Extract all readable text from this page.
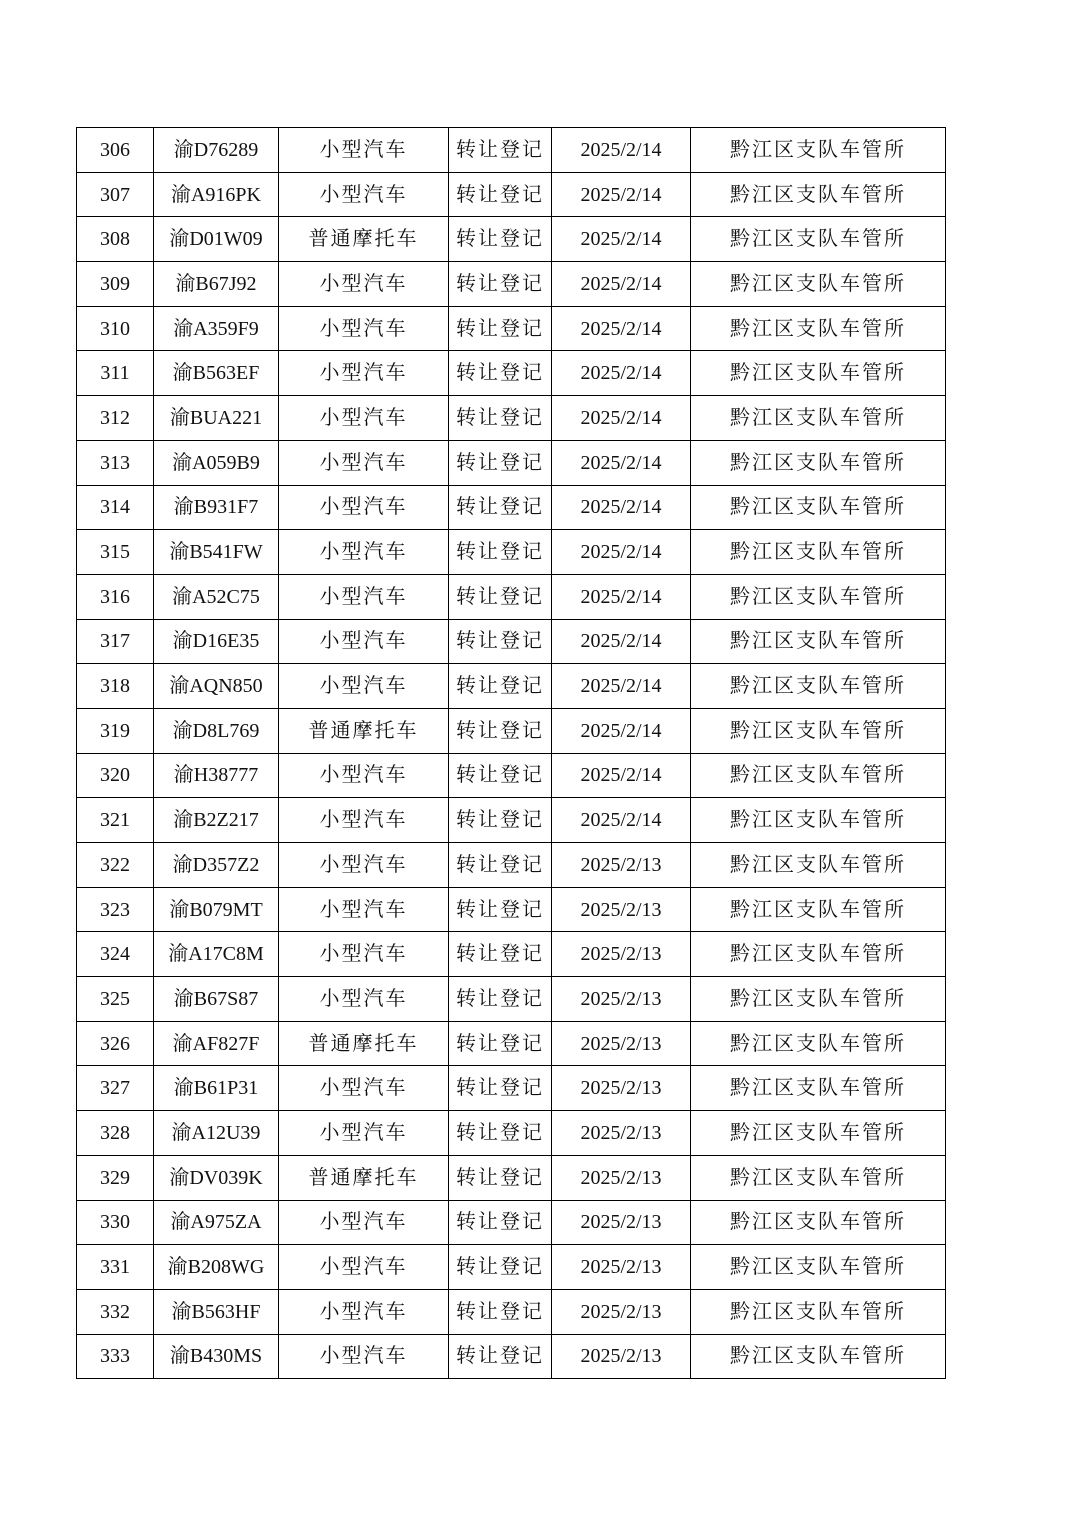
306	渝D76289	小型汽车	转让登记	2025/2/14	黔江区支队车管所
307	渝A916PK	小型汽车	转让登记	2025/2/14	黔江区支队车管所
308	渝D01W09	普通摩托车	转让登记	2025/2/14	黔江区支队车管所
309	渝B67J92	小型汽车	转让登记	2025/2/14	黔江区支队车管所
310	渝A359F9	小型汽车	转让登记	2025/2/14	黔江区支队车管所
311	渝B563EF	小型汽车	转让登记	2025/2/14	黔江区支队车管所
312	渝BUA221	小型汽车	转让登记	2025/2/14	黔江区支队车管所
313	渝A059B9	小型汽车	转让登记	2025/2/14	黔江区支队车管所
314	渝B931F7	小型汽车	转让登记	2025/2/14	黔江区支队车管所
315	渝B541FW	小型汽车	转让登记	2025/2/14	黔江区支队车管所
316	渝A52C75	小型汽车	转让登记	2025/2/14	黔江区支队车管所
317	渝D16E35	小型汽车	转让登记	2025/2/14	黔江区支队车管所
318	渝AQN850	小型汽车	转让登记	2025/2/14	黔江区支队车管所
319	渝D8L769	普通摩托车	转让登记	2025/2/14	黔江区支队车管所
320	渝H38777	小型汽车	转让登记	2025/2/14	黔江区支队车管所
321	渝B2Z217	小型汽车	转让登记	2025/2/14	黔江区支队车管所
322	渝D357Z2	小型汽车	转让登记	2025/2/13	黔江区支队车管所
323	渝B079MT	小型汽车	转让登记	2025/2/13	黔江区支队车管所
324	渝A17C8M	小型汽车	转让登记	2025/2/13	黔江区支队车管所
325	渝B67S87	小型汽车	转让登记	2025/2/13	黔江区支队车管所
326	渝AF827F	普通摩托车	转让登记	2025/2/13	黔江区支队车管所
327	渝B61P31	小型汽车	转让登记	2025/2/13	黔江区支队车管所
328	渝A12U39	小型汽车	转让登记	2025/2/13	黔江区支队车管所
329	渝DV039K	普通摩托车	转让登记	2025/2/13	黔江区支队车管所
330	渝A975ZA	小型汽车	转让登记	2025/2/13	黔江区支队车管所
331	渝B208WG	小型汽车	转让登记	2025/2/13	黔江区支队车管所
332	渝B563HF	小型汽车	转让登记	2025/2/13	黔江区支队车管所
333	渝B430MS	小型汽车	转让登记	2025/2/13	黔江区支队车管所
